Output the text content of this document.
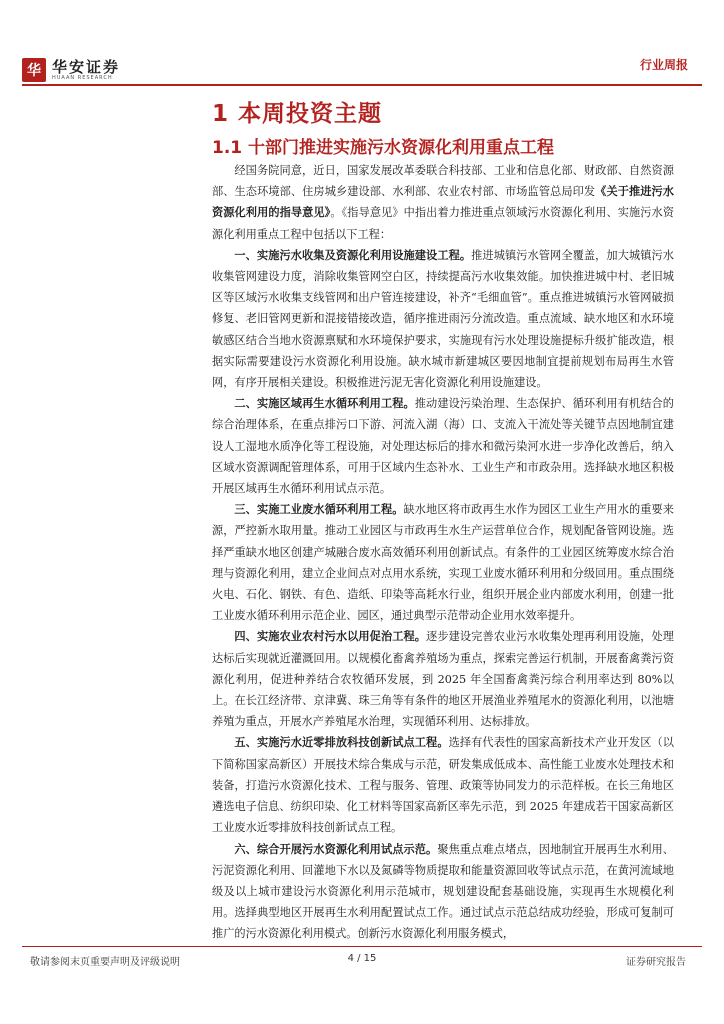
华 华安证券
HUAAN RESEARCH
行业周报
1 本周投资主题
1.1 十部门推进实施污水资源化利用重点工程

经国务院同意，近日，国家发展改革委联合科技部、工业和信息化部、财政部、自然资源部、生态环境部、住房城乡建设部、水利部、农业农村部、市场监管总局印发《关于推进污水资源化利用的指导意见》。《指导意见》中指出着力推进重点领域污水资源化利用、实施污水资源化利用重点工程中包括以下工程：

一、实施污水收集及资源化利用设施建设工程。推进城镇污水管网全覆盖，加大城镇污水收集管网建设力度，消除收集管网空白区，持续提高污水收集效能。加快推进城中村、老旧城区等区域污水收集支线管网和出户管连接建设，补齐“毛细血管”。重点推进城镇污水管网破损修复、老旧管网更新和混接错接改造，循序推进雨污分流改造。重点流域、缺水地区和水环境敏感区结合当地水资源禀赋和水环境保护要求，实施现有污水处理设施提标升级扩能改造，根据实际需要建设污水资源化利用设施。缺水城市新建城区要因地制宜提前规划布局再生水管网，有序开展相关建设。积极推进污泥无害化资源化利用设施建设。

二、实施区域再生水循环利用工程。推动建设污染治理、生态保护、循环利用有机结合的综合治理体系，在重点排污口下游、河流入湖（海）口、支流入干流处等关键节点因地制宜建设人工湿地水质净化等工程设施，对处理达标后的排水和微污染河水进一步净化改善后，纳入区域水资源调配管理体系，可用于区域内生态补水、工业生产和市政杂用。选择缺水地区积极开展区域再生水循环利用试点示范。

三、实施工业废水循环利用工程。缺水地区将市政再生水作为园区工业生产用水的重要来源，严控新水取用量。推动工业园区与市政再生水生产运营单位合作，规划配备管网设施。选择严重缺水地区创建产城融合废水高效循环利用创新试点。有条件的工业园区统筹废水综合治理与资源化利用，建立企业间点对点用水系统，实现工业废水循环利用和分级回用。重点围绕火电、石化、钢铁、有色、造纸、印染等高耗水行业，组织开展企业内部废水利用，创建一批工业废水循环利用示范企业、园区，通过典型示范带动企业用水效率提升。

四、实施农业农村污水以用促治工程。逐步建设完善农业污水收集处理再利用设施，处理达标后实现就近灌溉回用。以规模化畜禽养殖场为重点，探索完善运行机制，开展畜禽粪污资源化利用，促进种养结合农牧循环发展，到 2025 年全国畜禽粪污综合利用率达到 80%以上。在长江经济带、京津冀、珠三角等有条件的地区开展渔业养殖尾水的资源化利用，以池塘养殖为重点，开展水产养殖尾水治理，实现循环利用、达标排放。

五、实施污水近零排放科技创新试点工程。选择有代表性的国家高新技术产业开发区（以下简称国家高新区）开展技术综合集成与示范，研发集成低成本、高性能工业废水处理技术和装备，打造污水资源化技术、工程与服务、管理、政策等协同发力的示范样板。在长三角地区遴选电子信息、纺织印染、化工材料等国家高新区率先示范，到 2025 年建成若干国家高新区工业废水近零排放科技创新试点工程。

六、综合开展污水资源化利用试点示范。聚焦重点难点堵点，因地制宜开展再生水利用、污泥资源化利用、回灌地下水以及氮磷等物质提取和能量资源回收等试点示范，在黄河流域地级及以上城市建设污水资源化利用示范城市，规划建设配套基础设施，实现再生水规模化利用。选择典型地区开展再生水利用配置试点工作。通过试点示范总结成功经验，形成可复制可推广的污水资源化利用模式。创新污水资源化利用服务模式，

敬请参阅末页重要声明及评级说明	4 / 15	证券研究报告
